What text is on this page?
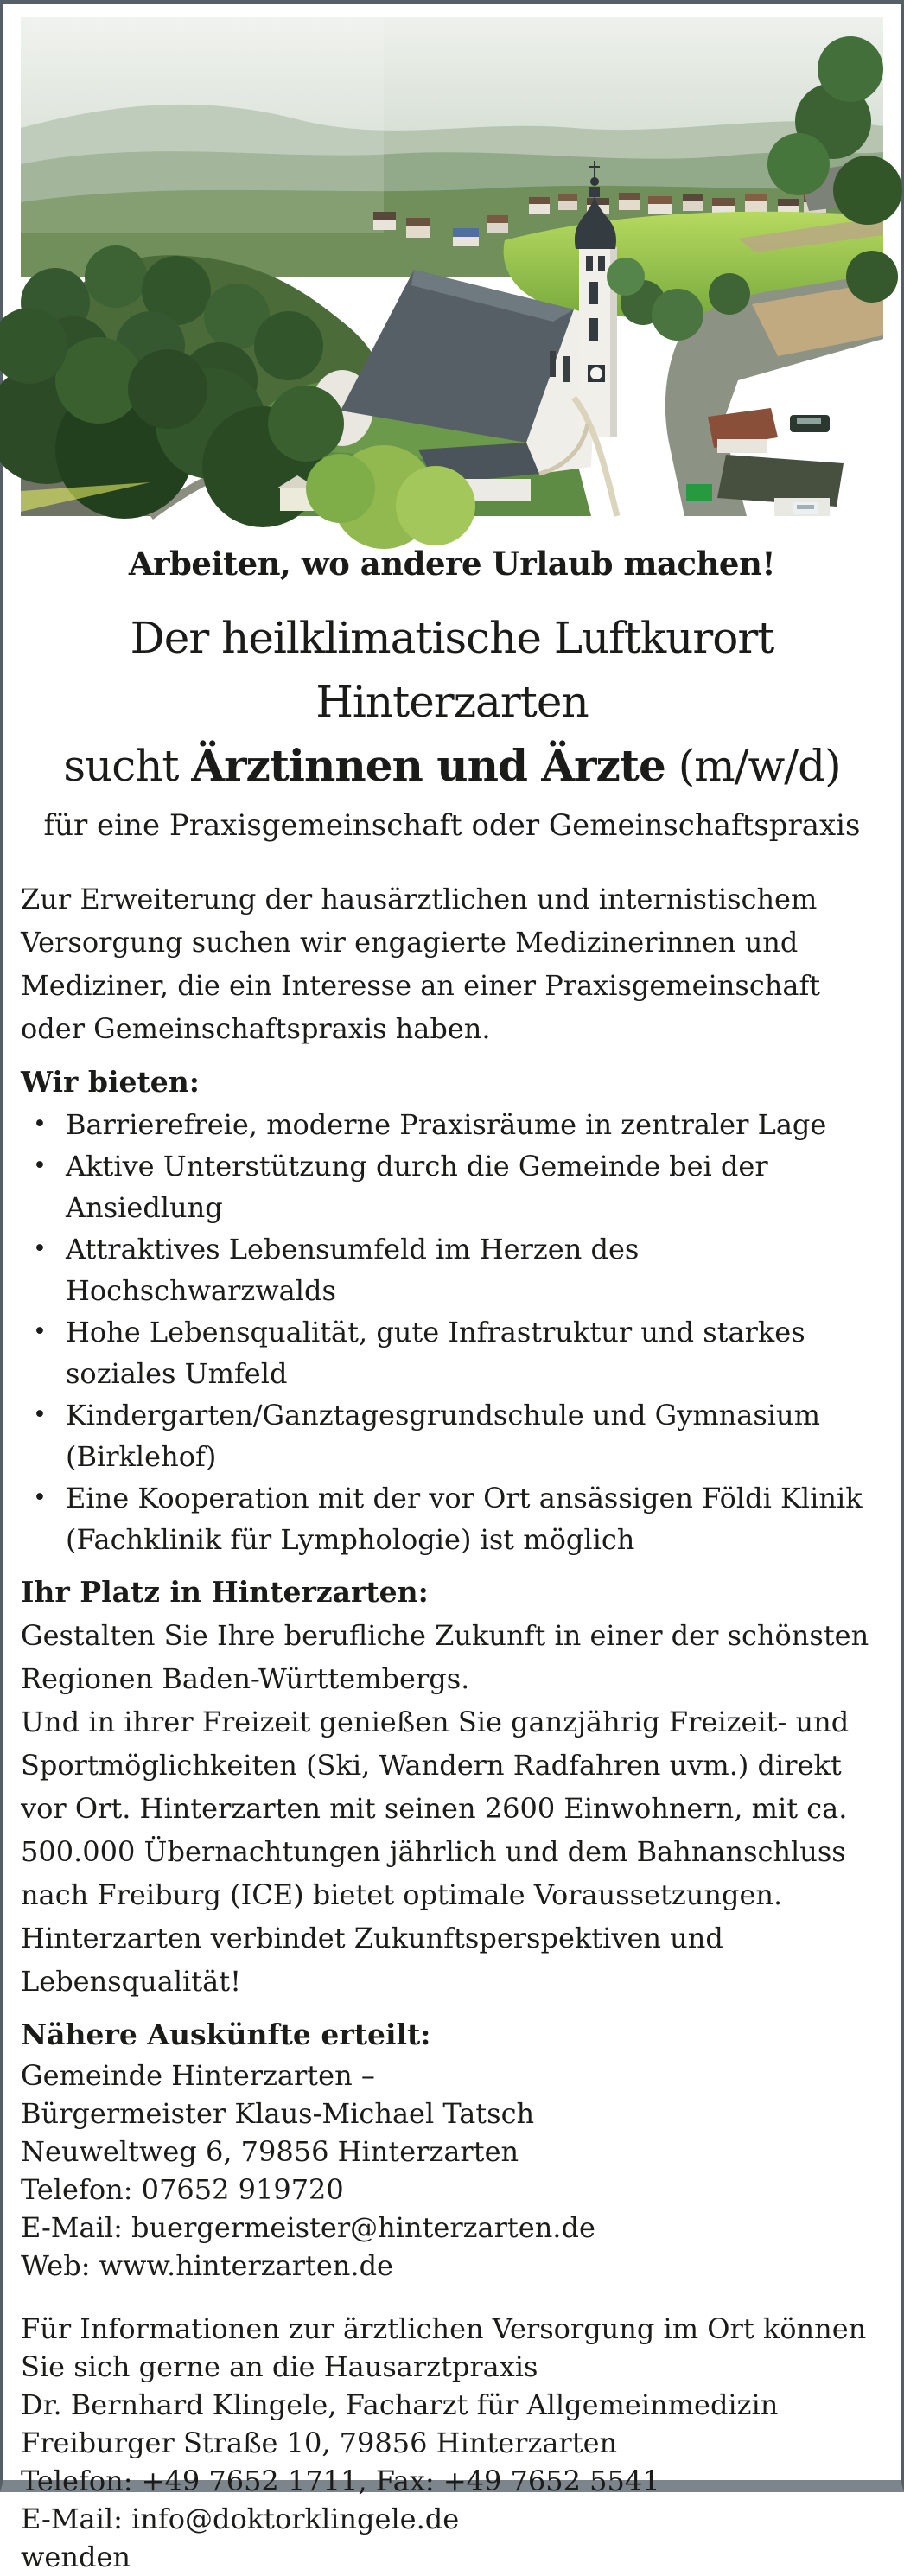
Arbeiten, wo andere Urlaub machen!
Der heilklimatische Luftkurort
Hinterzarten
sucht Ärztinnen und Ärzte (m/w/d)
für eine Praxisgemeinschaft oder Gemeinschaftspraxis

Zur Erweiterung der hausärztlichen und internistischem Versorgung suchen wir engagierte Medizinerinnen und Mediziner, die ein Interesse an einer Praxisgemeinschaft oder Gemeinschaftspraxis haben.

Wir bieten:
• Barrierefreie, moderne Praxisräume in zentraler Lage
• Aktive Unterstützung durch die Gemeinde bei der Ansiedlung
• Attraktives Lebensumfeld im Herzen des Hochschwarzwalds
• Hohe Lebensqualität, gute Infrastruktur und starkes soziales Umfeld
• Kindergarten/Ganztagesgrundschule und Gymnasium (Birklehof)
• Eine Kooperation mit der vor Ort ansässigen Földi Klinik (Fachklinik für Lymphologie) ist möglich
Ihr Platz in Hinterzarten:

Gestalten Sie Ihre berufliche Zukunft in einer der schönsten Regionen Baden-Württembergs.

Und in ihrer Freizeit genießen Sie ganzjährig Freizeit- und Sportmöglichkeiten (Ski, Wandern Radfahren uvm.) direkt vor Ort. Hinterzarten mit seinen 2600 Einwohnern, mit ca. 500.000 Übernachtungen jährlich und dem Bahnanschluss nach Freiburg (ICE) bietet optimale Voraussetzungen. Hinterzarten verbindet Zukunftsperspektiven und Lebensqualität!

Nähere Auskünfte erteilt:
Gemeinde Hinterzarten –
Bürgermeister Klaus-Michael Tatsch
Neuweltweg 6, 79856 Hinterzarten
Telefon: 07652 919720
E-Mail: buergermeister@hinterzarten.de
Web: www.hinterzarten.de

Für Informationen zur ärztlichen Versorgung im Ort können Sie sich gerne an die Hausarztpraxis

Dr. Bernhard Klingele, Facharzt für Allgemeinmedizin
Freiburger Straße 10, 79856 Hinterzarten
Telefon: +49 7652 1711, Fax: +49 7652 5541
E-Mail: info@doktorklingele.de
wenden
